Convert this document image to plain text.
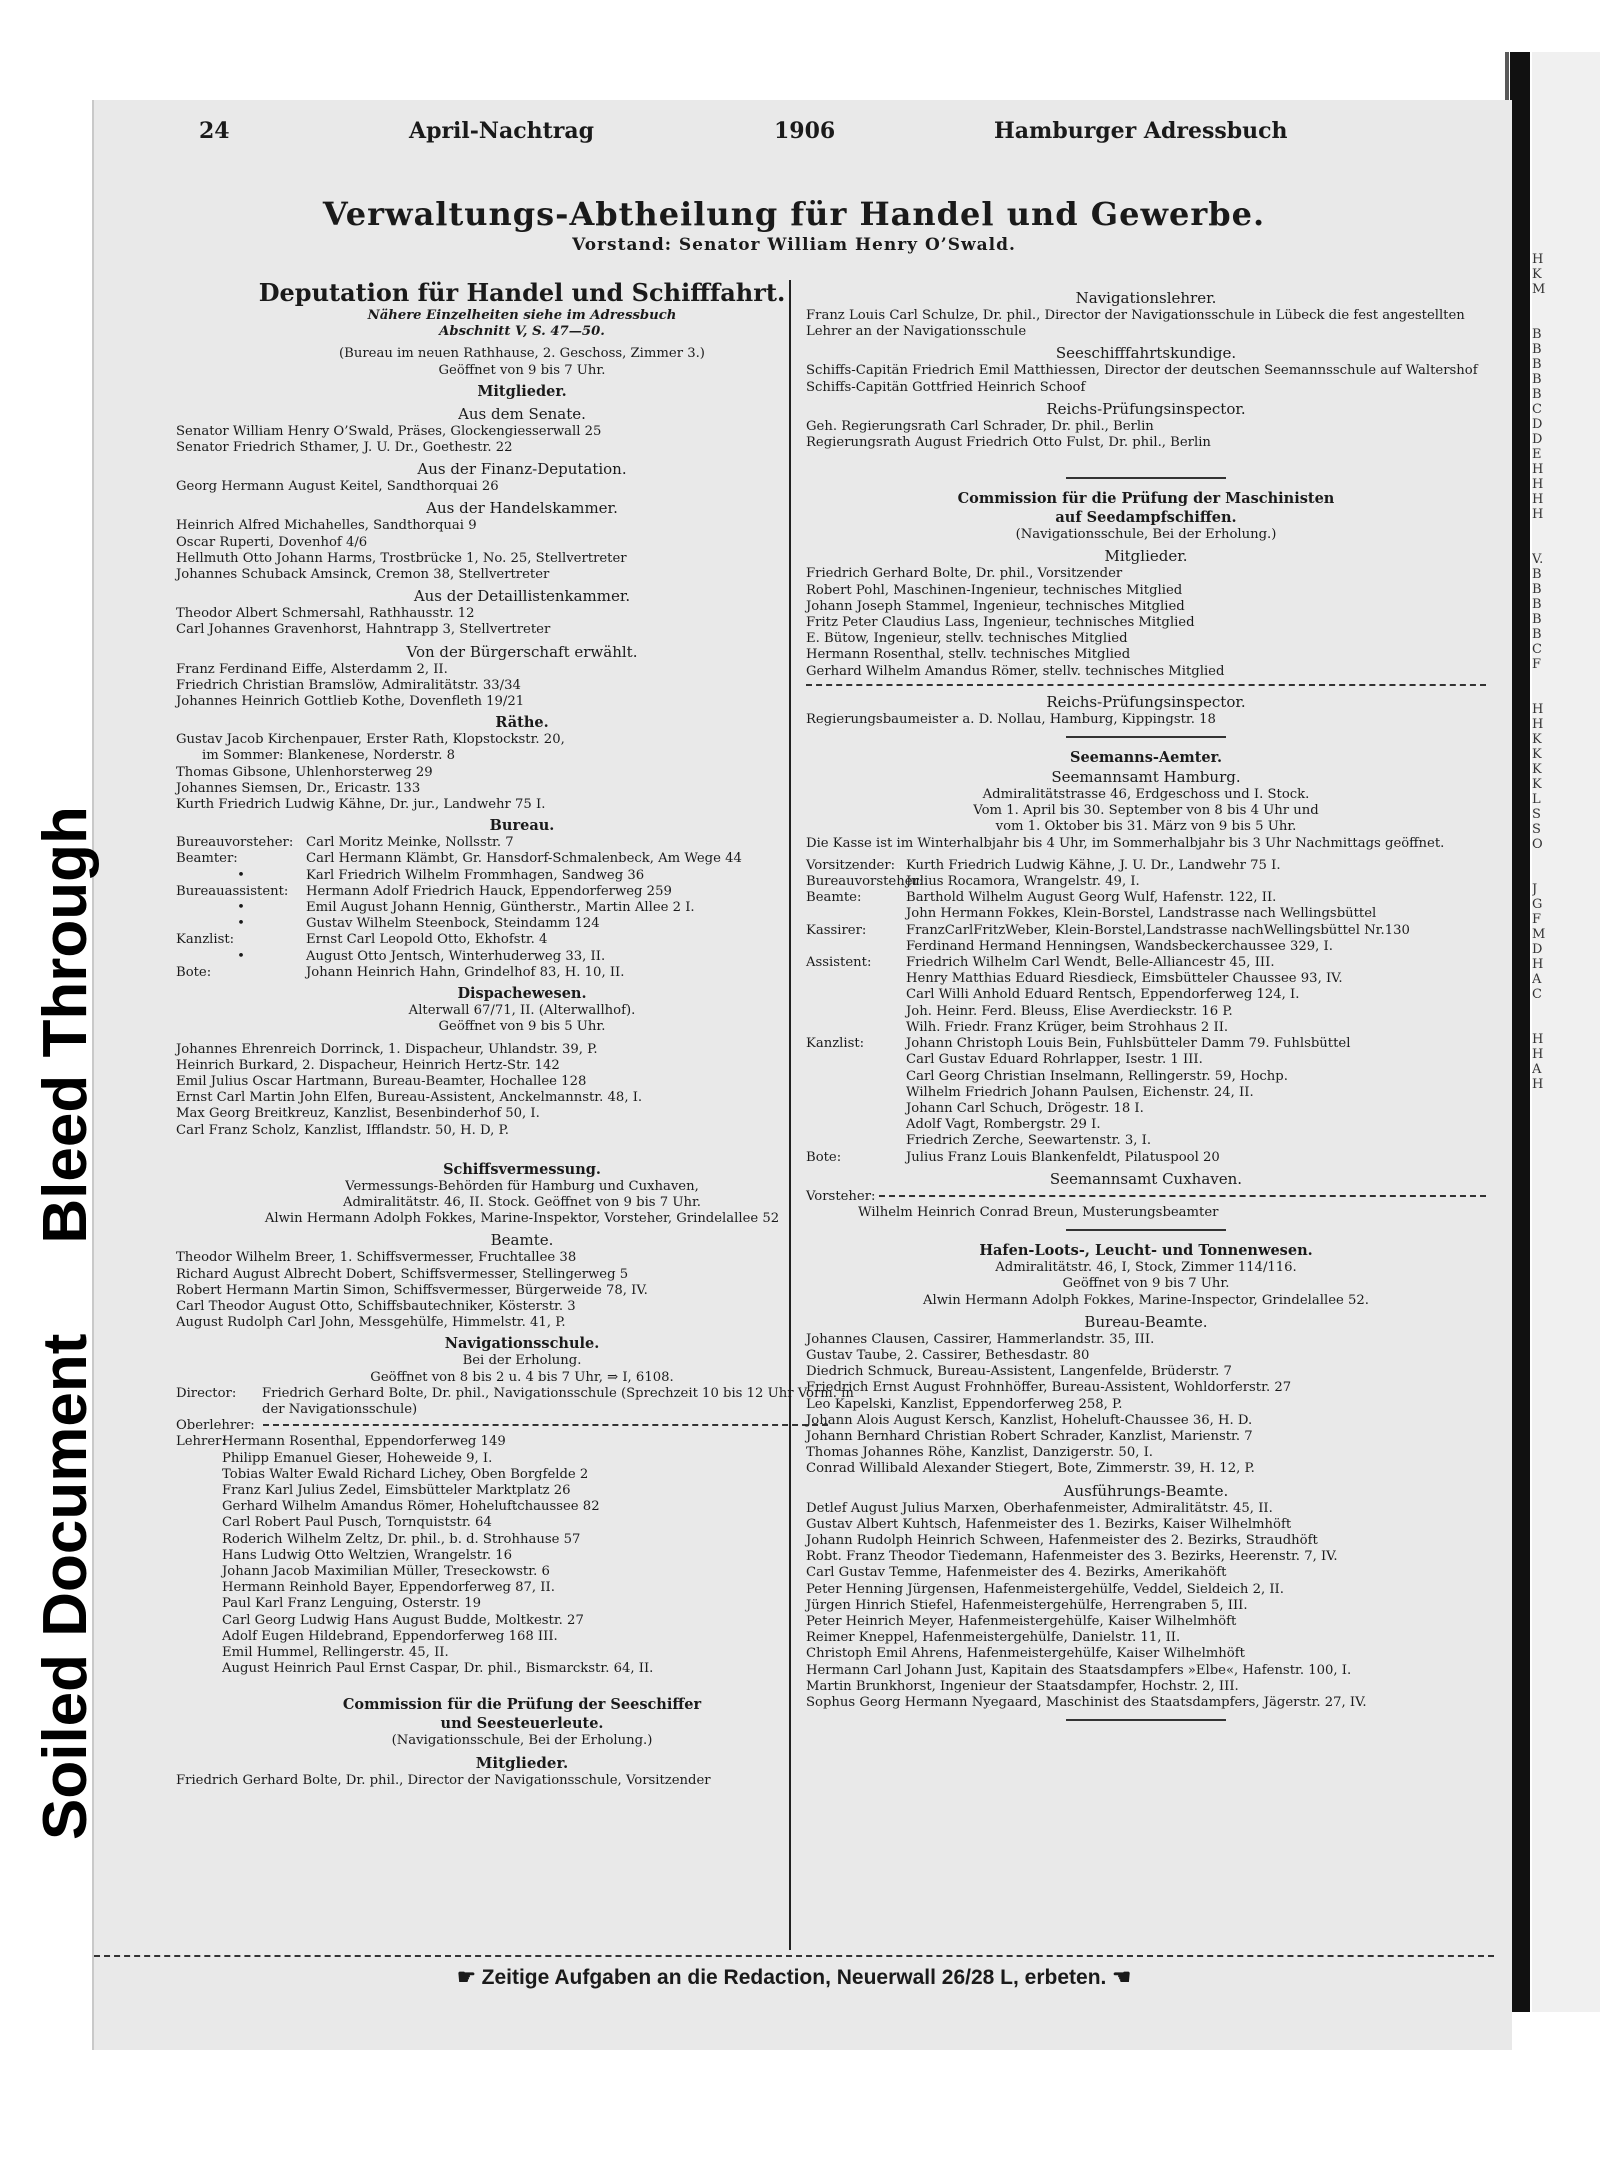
H
K
M
B
B
B
B
B
C
D
D
E
H
H
H
H
V.
B
B
B
B
B
C
F
H
H
K
K
K
K
L
S
S
O
J
G
F
M
D
H
A
C
H
H
A
H
24	April-Nachtrag	1906	Hamburger Adressbuch
Verwaltungs-Abtheilung für Handel und Gewerbe.
Vorstand: Senator William Henry O’Swald.
Deputation für Handel und Schifffahrt.
Nähere Einzelheiten siehe im Adressbuch
Abschnitt V, S. 47—50.
(Bureau im neuen Rathhause, 2. Geschoss, Zimmer 3.)
Geöffnet von 9 bis 7 Uhr.
Mitglieder.
Aus dem Senate.
Senator William Henry O’Swald, Präses, Glockengiesserwall 25
Senator Friedrich Sthamer, J. U. Dr., Goethestr. 22
Aus der Finanz-Deputation.
Georg Hermann August Keitel, Sandthorquai 26
Aus der Handelskammer.
Heinrich Alfred Michahelles, Sandthorquai 9
Oscar Ruperti, Dovenhof 4/6
Hellmuth Otto Johann Harms, Trostbrücke 1, No. 25, Stellvertreter
Johannes Schuback Amsinck, Cremon 38, Stellvertreter
Aus der Detaillistenkammer.
Theodor Albert Schmersahl, Rathhausstr. 12
Carl Johannes Gravenhorst, Hahntrapp 3, Stellvertreter
Von der Bürgerschaft erwählt.
Franz Ferdinand Eiffe, Alsterdamm 2, II.
Friedrich Christian Bramslöw, Admiralitätstr. 33/34
Johannes Heinrich Gottlieb Kothe, Dovenfleth 19/21
Räthe.
Gustav Jacob Kirchenpauer, Erster Rath, Klopstockstr. 20,
im Sommer: Blankenese, Norderstr. 8
Thomas Gibsone, Uhlenhorsterweg 29
Johannes Siemsen, Dr., Ericastr. 133
Kurth Friedrich Ludwig Kähne, Dr. jur., Landwehr 75 I.
Bureau.
Bureauvorsteher: Carl Moritz Meinke, Nollsstr. 7
Beamter:	Carl Hermann Klämbt, Gr. Hansdorf-Schmalenbeck, Am Wege 44
•	Karl Friedrich Wilhelm Frommhagen, Sandweg 36
Bureauassistent:	Hermann Adolf Friedrich Hauck, Eppendorferweg 259
•	Emil August Johann Hennig, Güntherstr., Martin Allee 2 I.
•	Gustav Wilhelm Steenbock, Steindamm 124
Kanzlist:	Ernst Carl Leopold Otto, Ekhofstr. 4
•	August Otto Jentsch, Winterhuderweg 33, II.
Bote:	Johann Heinrich Hahn, Grindelhof 83, H. 10, II.
Dispachewesen.
Alterwall 67/71, II. (Alterwallhof).
Geöffnet von 9 bis 5 Uhr.
Johannes Ehrenreich Dorrinck, 1. Dispacheur, Uhlandstr. 39, P.
Heinrich Burkard, 2. Dispacheur, Heinrich Hertz-Str. 142
Emil Julius Oscar Hartmann, Bureau-Beamter, Hochallee 128
Ernst Carl Martin John Elfen, Bureau-Assistent, Anckelmannstr. 48, I.
Max Georg Breitkreuz, Kanzlist, Besenbinderhof 50, I.
Carl Franz Scholz, Kanzlist, Ifflandstr. 50, H. D, P.
Schiffsvermessung.
Vermessungs-Behörden für Hamburg und Cuxhaven,
Admiralitätstr. 46, II. Stock. Geöffnet von 9 bis 7 Uhr.
Alwin Hermann Adolph Fokkes, Marine-Inspektor, Vorsteher, Grindelallee 52
Beamte.
Theodor Wilhelm Breer, 1. Schiffsvermesser, Fruchtallee 38
Richard August Albrecht Dobert, Schiffsvermesser, Stellingerweg 5
Robert Hermann Martin Simon, Schiffsvermesser, Bürgerweide 78, IV.
Carl Theodor August Otto, Schiffsbautechniker, Kösterstr. 3
August Rudolph Carl John, Messgehülfe, Himmelstr. 41, P.
Navigationsschule.
Bei der Erholung.
Geöffnet von 8 bis 2 u. 4 bis 7 Uhr, ⇒ I, 6108.
Director:	Friedrich Gerhard Bolte, Dr. phil., Navigationsschule (Sprechzeit 10 bis 12 Uhr Vorm. in der Navigationsschule)
Oberlehrer:
Lehrer:
Hermann Rosenthal, Eppendorferweg 149
Philipp Emanuel Gieser, Hoheweide 9, I.
Tobias Walter Ewald Richard Lichey, Oben Borgfelde 2
Franz Karl Julius Zedel, Eimsbütteler Marktplatz 26
Gerhard Wilhelm Amandus Römer, Hoheluftchaussee 82
Carl Robert Paul Pusch, Tornquiststr. 64
Roderich Wilhelm Zeltz, Dr. phil., b. d. Strohhause 57
Hans Ludwig Otto Weltzien, Wrangelstr. 16
Johann Jacob Maximilian Müller, Treseckowstr. 6
Hermann Reinhold Bayer, Eppendorferweg 87, II.
Paul Karl Franz Lenguing, Osterstr. 19
Carl Georg Ludwig Hans August Budde, Moltkestr. 27
Adolf Eugen Hildebrand, Eppendorferweg 168 III.
Emil Hummel, Rellingerstr. 45, II.
August Heinrich Paul Ernst Caspar, Dr. phil., Bismarckstr. 64, II.
Commission für die Prüfung der Seeschiffer
und Seesteuerleute.
(Navigationsschule, Bei der Erholung.)
Mitglieder.
Friedrich Gerhard Bolte, Dr. phil., Director der Navigationsschule, Vorsitzender
Navigationslehrer.
Franz Louis Carl Schulze, Dr. phil., Director der Navigationsschule in Lübeck die fest angestellten Lehrer an der Navigationsschule
Seeschifffahrtskundige.
Schiffs-Capitän Friedrich Emil Matthiessen, Director der deutschen Seemannsschule auf Waltershof
Schiffs-Capitän Gottfried Heinrich Schoof
Reichs-Prüfungsinspector.
Geh. Regierungsrath Carl Schrader, Dr. phil., Berlin
Regierungsrath August Friedrich Otto Fulst, Dr. phil., Berlin
Commission für die Prüfung der Maschinisten
auf Seedampfschiffen.
(Navigationsschule, Bei der Erholung.)
Mitglieder.
Friedrich Gerhard Bolte, Dr. phil., Vorsitzender
Robert Pohl, Maschinen-Ingenieur, technisches Mitglied
Johann Joseph Stammel, Ingenieur, technisches Mitglied
Fritz Peter Claudius Lass, Ingenieur, technisches Mitglied
E. Bütow, Ingenieur, stellv. technisches Mitglied
Hermann Rosenthal, stellv. technisches Mitglied
Gerhard Wilhelm Amandus Römer, stellv. technisches Mitglied
Reichs-Prüfungsinspector.
Regierungsbaumeister a. D. Nollau, Hamburg, Kippingstr. 18
Seemanns-Aemter.
Seemannsamt Hamburg.
Admiralitätstrasse 46, Erdgeschoss und I. Stock.
Vom 1. April bis 30. September von 8 bis 4 Uhr und
vom 1. Oktober bis 31. März von 9 bis 5 Uhr.
Die Kasse ist im Winterhalbjahr bis 4 Uhr, im Sommerhalbjahr bis 3 Uhr Nachmittags geöffnet.
Vorsitzender: Kurth Friedrich Ludwig Kähne, J. U. Dr., Landwehr 75 I.
Bureauvorsteher:
Julius Rocamora, Wrangelstr. 49, I.
Beamte:	Barthold Wilhelm August Georg Wulf, Hafenstr. 122, II.
John Hermann Fokkes, Klein-Borstel, Landstrasse nach Wellingsbüttel
Kassirer:	FranzCarlFritzWeber, Klein-Borstel,Landstrasse nachWellingsbüttel Nr.130
Ferdinand Hermand Henningsen, Wandsbeckerchaussee 329, I.
Assistent:	Friedrich Wilhelm Carl Wendt, Belle-Alliancestr 45, III.
Henry Matthias Eduard Riesdieck, Eimsbütteler Chaussee 93, IV.
Carl Willi Anhold Eduard Rentsch, Eppendorferweg 124, I.
Joh. Heinr. Ferd. Bleuss, Elise Averdieckstr. 16 P.
Wilh. Friedr. Franz Krüger, beim Strohhaus 2 II.
Kanzlist:	Johann Christoph Louis Bein, Fuhlsbütteler Damm 79. Fuhlsbüttel
Carl Gustav Eduard Rohrlapper, Isestr. 1 III.
Carl Georg Christian Inselmann, Rellingerstr. 59, Hochp.
Wilhelm Friedrich Johann Paulsen, Eichenstr. 24, II.
Johann Carl Schuch, Drögestr. 18 I.
Adolf Vagt, Rombergstr. 29 I.
Friedrich Zerche, Seewartenstr. 3, I.
Bote:	Julius Franz Louis Blankenfeldt, Pilatuspool 20
Seemannsamt Cuxhaven.
Vorsteher:
Wilhelm Heinrich Conrad Breun, Musterungsbeamter
Hafen-Loots-, Leucht- und Tonnenwesen.
Admiralitätstr. 46, I, Stock, Zimmer 114/116.
Geöffnet von 9 bis 7 Uhr.
Alwin Hermann Adolph Fokkes, Marine-Inspector, Grindelallee 52.
Bureau-Beamte.
Johannes Clausen, Cassirer, Hammerlandstr. 35, III.
Gustav Taube, 2. Cassirer, Bethesdastr. 80
Diedrich Schmuck, Bureau-Assistent, Langenfelde, Brüderstr. 7
Friedrich Ernst August Frohnhöffer, Bureau-Assistent, Wohldorferstr. 27
Leo Kapelski, Kanzlist, Eppendorferweg 258, P.
Johann Alois August Kersch, Kanzlist, Hoheluft-Chaussee 36, H. D.
Johann Bernhard Christian Robert Schrader, Kanzlist, Marienstr. 7
Thomas Johannes Röhe, Kanzlist, Danzigerstr. 50, I.
Conrad Willibald Alexander Stiegert, Bote, Zimmerstr. 39, H. 12, P.
Ausführungs-Beamte.
Detlef August Julius Marxen, Oberhafenmeister, Admiralitätstr. 45, II.
Gustav Albert Kuhtsch, Hafenmeister des 1. Bezirks, Kaiser Wilhelmhöft
Johann Rudolph Heinrich Schween, Hafenmeister des 2. Bezirks, Straudhöft
Robt. Franz Theodor Tiedemann, Hafenmeister des 3. Bezirks, Heerenstr. 7, IV.
Carl Gustav Temme, Hafenmeister des 4. Bezirks, Amerikahöft
Peter Henning Jürgensen, Hafenmeistergehülfe, Veddel, Sieldeich 2, II.
Jürgen Hinrich Stiefel, Hafenmeistergehülfe, Herrengraben 5, III.
Peter Heinrich Meyer, Hafenmeistergehülfe, Kaiser Wilhelmhöft
Reimer Kneppel, Hafenmeistergehülfe, Danielstr. 11, II.
Christoph Emil Ahrens, Hafenmeistergehülfe, Kaiser Wilhelmhöft
Hermann Carl Johann Just, Kapitain des Staatsdampfers »Elbe«, Hafenstr. 100, I.
Martin Brunkhorst, Ingenieur der Staatsdampfer, Hochstr. 2, III.
Sophus Georg Hermann Nyegaard, Maschinist des Staatsdampfers, Jägerstr. 27, IV.
☛ Zeitige Aufgaben an die Redaction, Neuerwall 26/28 L, erbeten. ☚
Soiled DocumentBleed Through
